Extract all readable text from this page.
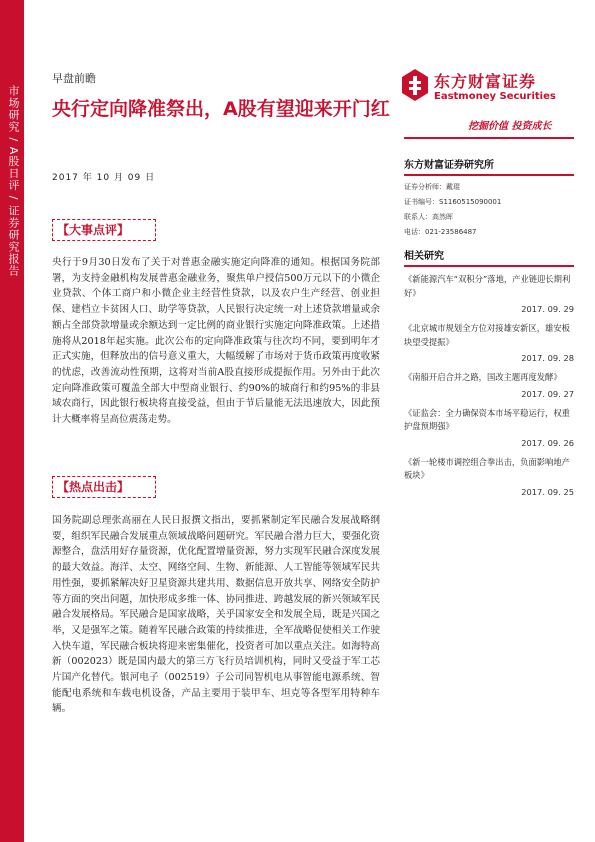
市场研究 / A股日评 / 证券研究报告
早盘前瞻
央行定向降准祭出，A股有望迎来开门红
2017 年 10 月 09 日
东方财富证券
Eastmoney Securities
挖掘价值 投资成长
东方财富证券研究所
证券分析师：戴琨
证书编号：S1160515090001
联系人：高然晖
电话：021-23586487
相关研究
《新能源汽车“双积分”落地，产业链迎长期利好》
2017. 09. 29
《北京城市规划全方位对接雄安新区，雄安板块望受提振》
2017. 09. 28
《南船开启合并之路，国改主题再度发酵》
2017. 09. 27
《证监会：全力确保资本市场平稳运行，权重护盘预期强》
2017. 09. 26
《新一轮楼市调控组合拳出击，负面影响地产板块》
2017. 09. 25
【大事点评】
央行于9月30日发布了关于对普惠金融实施定向降准的通知。根据国务院部署，为支持金融机构发展普惠金融业务，聚焦单户授信500万元以下的小微企业贷款、个体工商户和小微企业主经营性贷款，以及农户生产经营、创业担保、建档立卡贫困人口、助学等贷款，人民银行决定统一对上述贷款增量或余额占全部贷款增量或余额达到一定比例的商业银行实施定向降准政策。上述措施将从2018年起实施。此次公布的定向降准政策与往次均不同，要到明年才正式实施，但释放出的信号意义重大，大幅缓解了市场对于货币政策再度收紧的忧虑，改善流动性预期，这将对当前A股直接形成提振作用。另外由于此次定向降准政策可覆盖全部大中型商业银行、约90%的城商行和约95%的非县域农商行，因此银行板块将直接受益，但由于节后量能无法迅速放大，因此预计大概率将呈高位震荡走势。
【热点出击】
国务院副总理张高丽在人民日报撰文指出，要抓紧制定军民融合发展战略纲要，组织军民融合发展重点领域战略问题研究。军民融合潜力巨大，要强化资源整合，盘活用好存量资源，优化配置增量资源，努力实现军民融合深度发展的最大效益。海洋、太空、网络空间、生物、新能源、人工智能等领域军民共用性强，要抓紧解决好卫星资源共建共用、数据信息开放共享、网络安全防护等方面的突出问题，加快形成多维一体、协同推进、跨越发展的新兴领域军民融合发展格局。军民融合是国家战略，关乎国家安全和发展全局，既是兴国之举，又是强军之策。随着军民融合政策的持续推进，全军战略促使相关工作驶入快车道，军民融合板块将迎来密集催化，投资者可加以重点关注。如海特高新（002023）既是国内最大的第三方飞行员培训机构，同时又受益于军工芯片国产化替代。银河电子（002519）子公司同智机电从事智能电源系统、智能配电系统和车载电机设备，产品主要用于装甲车、坦克等各型军用特种车辆。
